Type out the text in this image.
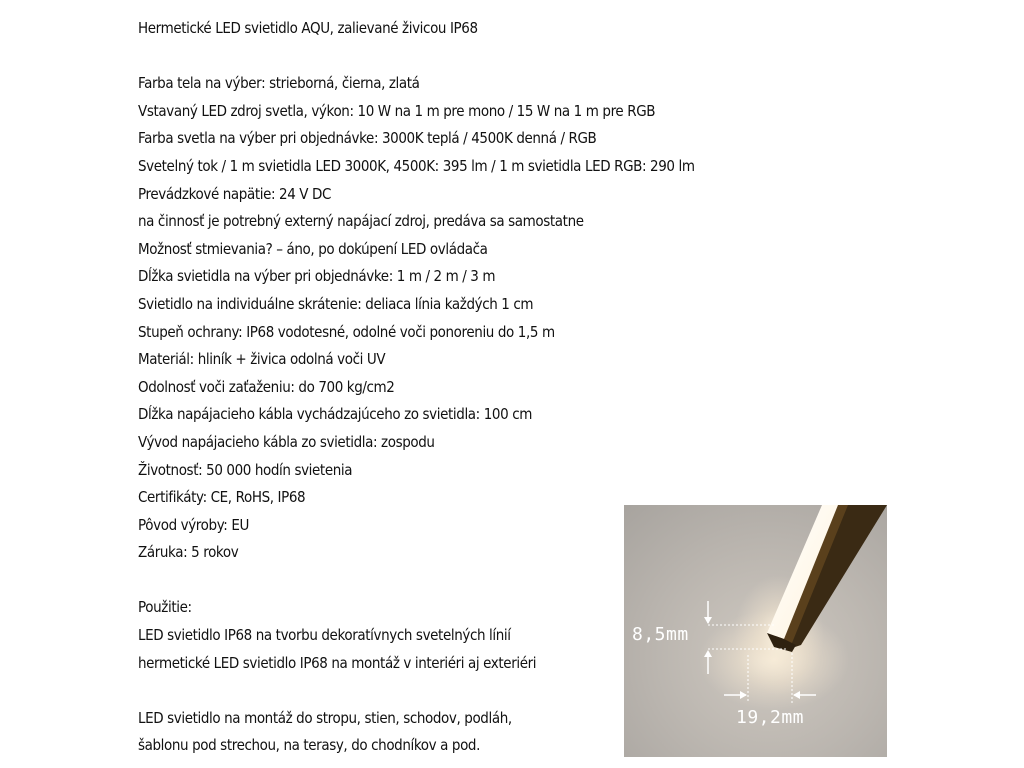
Hermetické LED svietidlo AQU, zalievané živicou IP68
Farba tela na výber: strieborná, čierna, zlatá
Vstavaný LED zdroj svetla, výkon: 10 W na 1 m pre mono / 15 W na 1 m pre RGB
Farba svetla na výber pri objednávke: 3000K teplá / 4500K denná / RGB
Svetelný tok / 1 m svietidla LED 3000K, 4500K: 395 lm / 1 m svietidla LED RGB: 290 lm
Prevádzkové napätie: 24 V DC
na činnosť je potrebný externý napájací zdroj, predáva sa samostatne
Možnosť stmievania? – áno, po dokúpení LED ovládača
Dĺžka svietidla na výber pri objednávke: 1 m / 2 m / 3 m
Svietidlo na individuálne skrátenie: deliaca línia každých 1 cm
Stupeň ochrany: IP68 vodotesné, odolné voči ponoreniu do 1,5 m
Materiál: hliník + živica odolná voči UV
Odolnosť voči zaťaženiu: do 700 kg/cm2
Dĺžka napájacieho kábla vychádzajúceho zo svietidla: 100 cm
Vývod napájacieho kábla zo svietidla: zospodu
Životnosť: 50 000 hodín svietenia
Certifikáty: CE, RoHS, IP68
Pôvod výroby: EU
Záruka: 5 rokov
Použitie:
LED svietidlo IP68 na tvorbu dekoratívnych svetelných línií
hermetické LED svietidlo IP68 na montáž v interiéri aj exteriéri
LED svietidlo na montáž do stropu, stien, schodov, podláh,
šablonu pod strechou, na terasy, do chodníkov a pod.
8,5mm
19,2mm
